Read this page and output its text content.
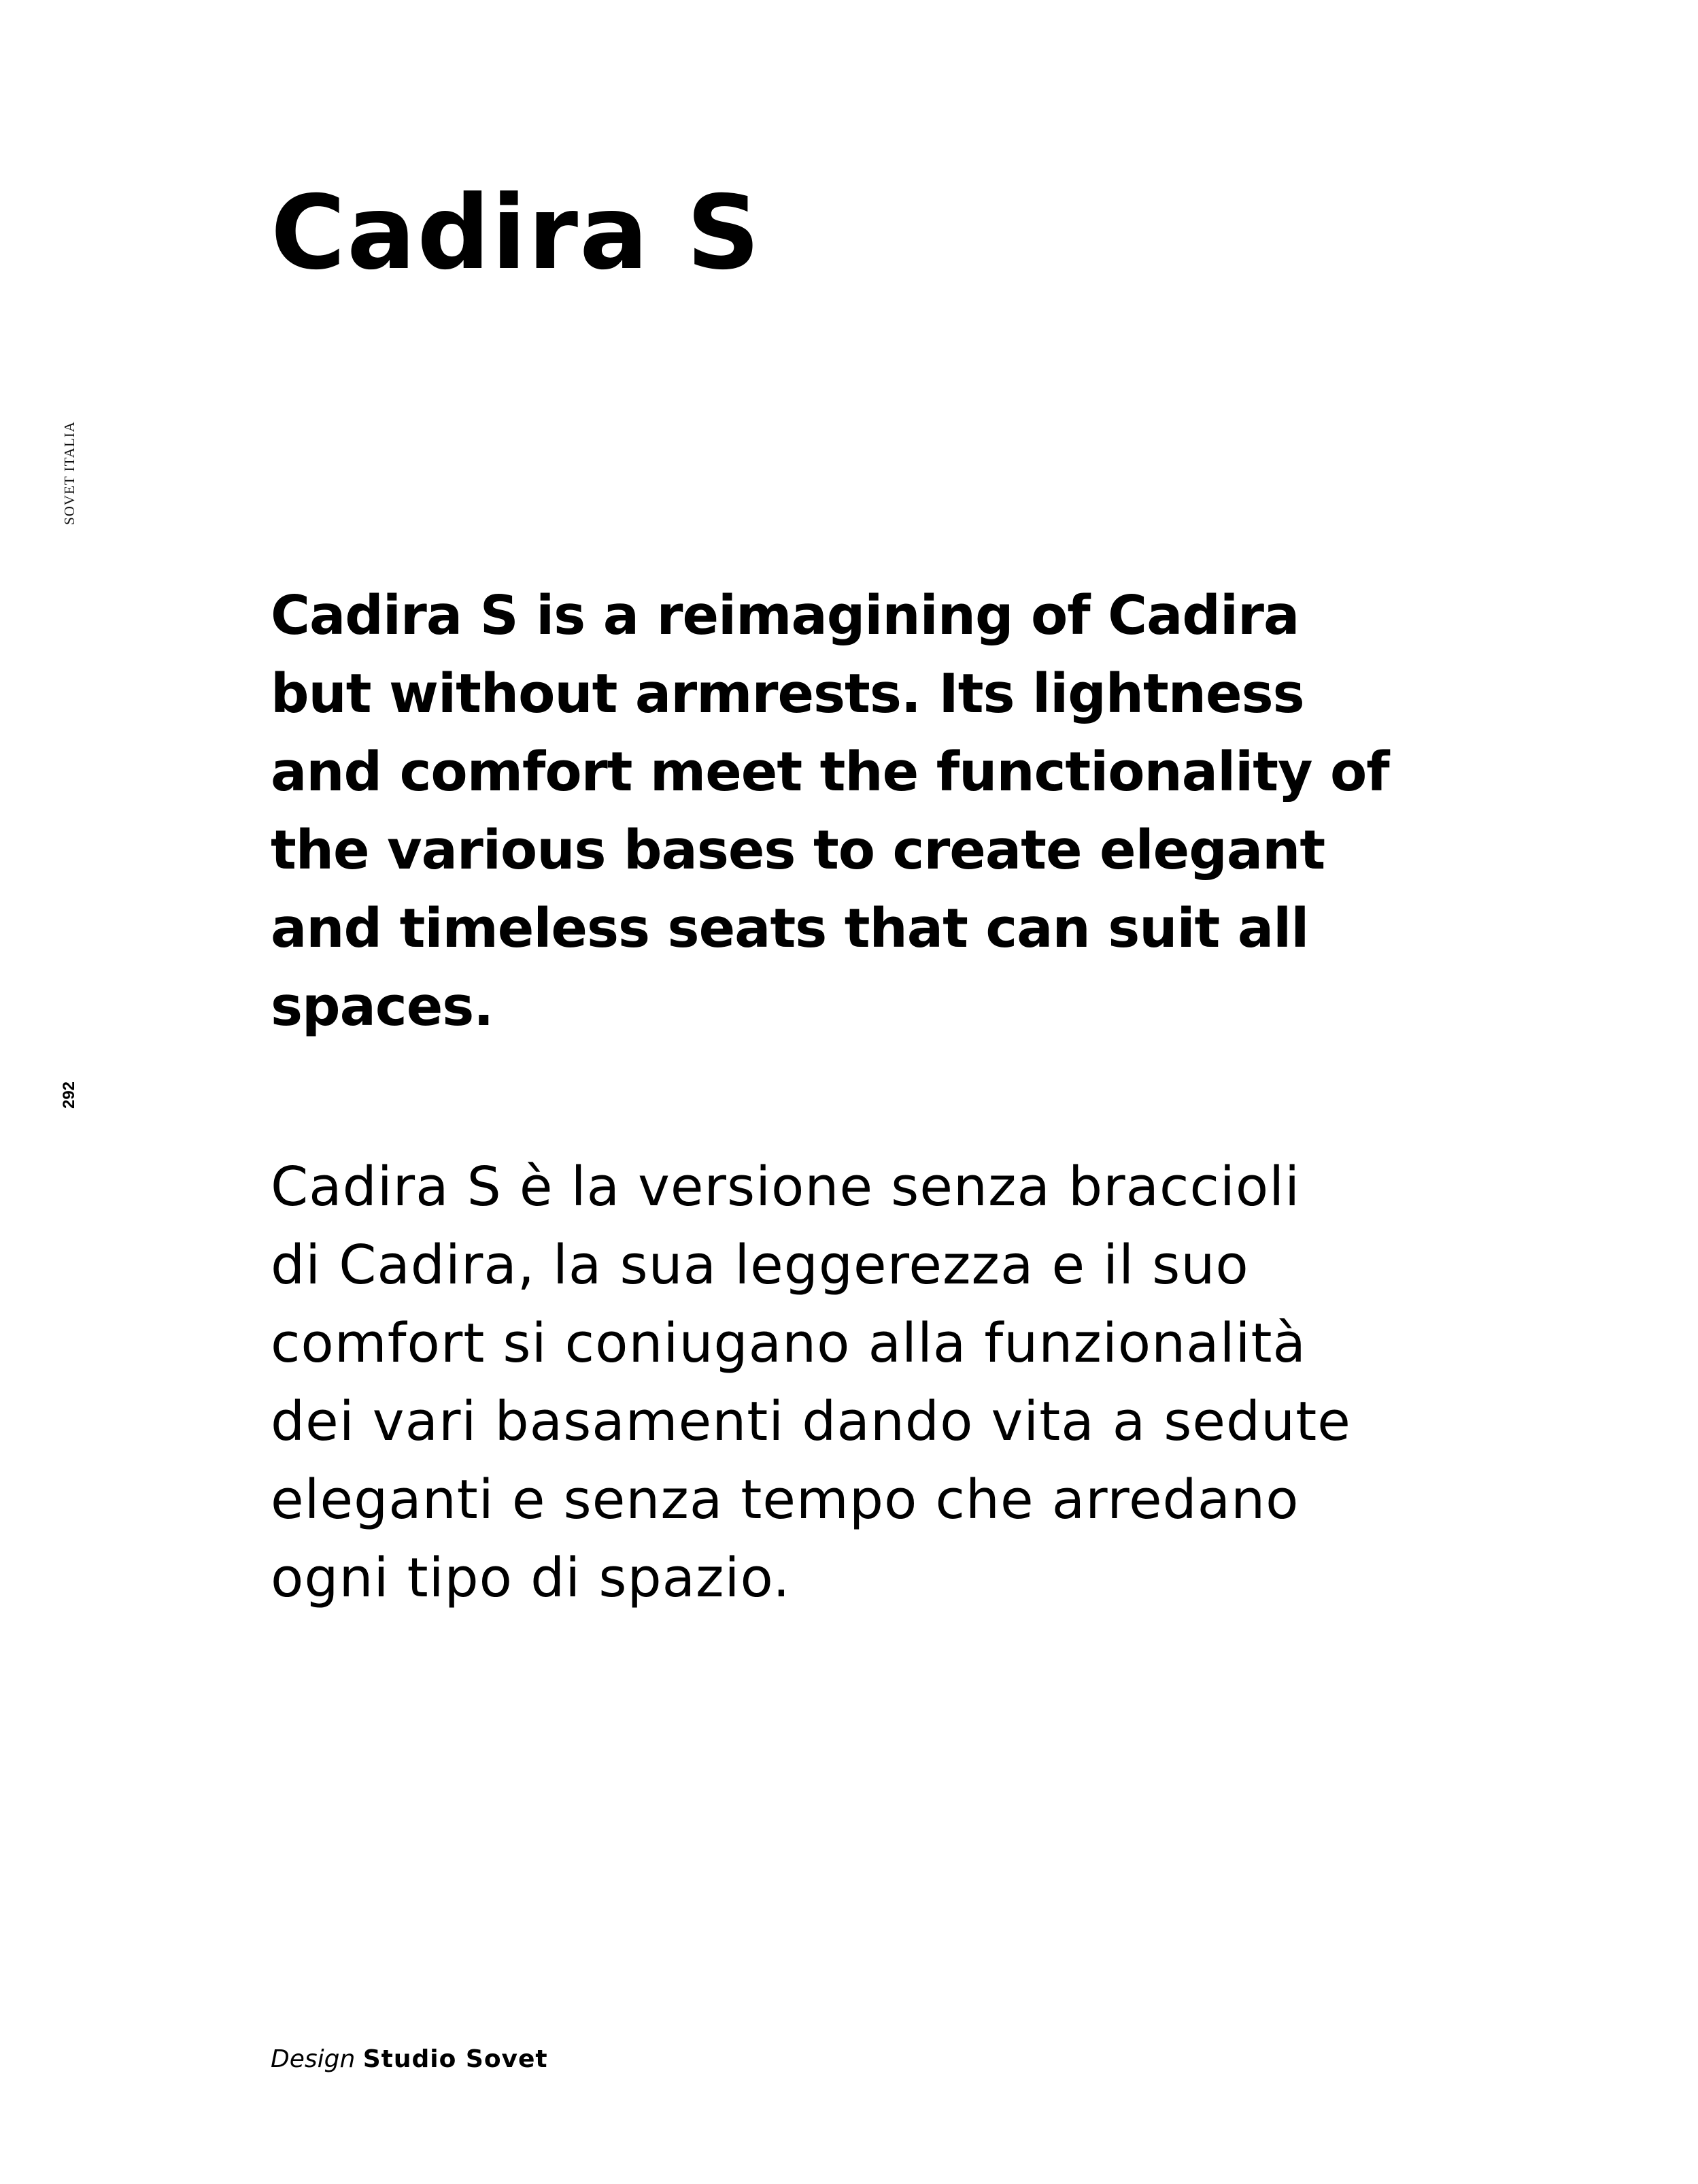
SOVET ITALIA
292
Cadira S

Cadira S is a reimagining of Cadira
but without armrests. Its lightness
and comfort meet the functionality of
the various bases to create elegant
and timeless seats that can suit all
spaces.

Cadira S è la versione senza braccioli
di Cadira, la sua leggerezza e il suo
comfort si coniugano alla funzionalità
dei vari basamenti dando vita a sedute
eleganti e senza tempo che arredano
ogni tipo di spazio.

Design Studio Sovet
